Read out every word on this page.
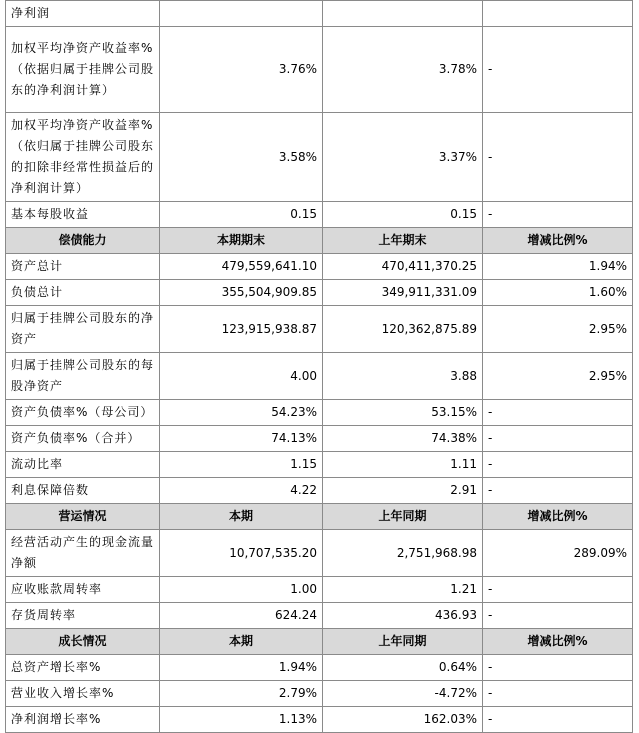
净利润			
加权平均净资产收益率%（依据归属于挂牌公司股东的净利润计算）	3.76%	3.78%	-
加权平均净资产收益率%（依归属于挂牌公司股东的扣除非经常性损益后的净利润计算）	3.58%	3.37%	-
基本每股收益	0.15	0.15	-
偿债能力	本期期末	上年期末	增减比例%
资产总计	479,559,641.10	470,411,370.25	1.94%
负债总计	355,504,909.85	349,911,331.09	1.60%
归属于挂牌公司股东的净资产	123,915,938.87	120,362,875.89	2.95%
归属于挂牌公司股东的每股净资产	4.00	3.88	2.95%
资产负债率%（母公司）	54.23%	53.15%	-
资产负债率%（合并）	74.13%	74.38%	-
流动比率	1.15	1.11	-
利息保障倍数	4.22	2.91	-
营运情况	本期	上年同期	增减比例%
经营活动产生的现金流量净额	10,707,535.20	2,751,968.98	289.09%
应收账款周转率	1.00	1.21	-
存货周转率	624.24	436.93	-
成长情况	本期	上年同期	增减比例%
总资产增长率%	1.94%	0.64%	-
营业收入增长率%	2.79%	-4.72%	-
净利润增长率%	1.13%	162.03%	-
